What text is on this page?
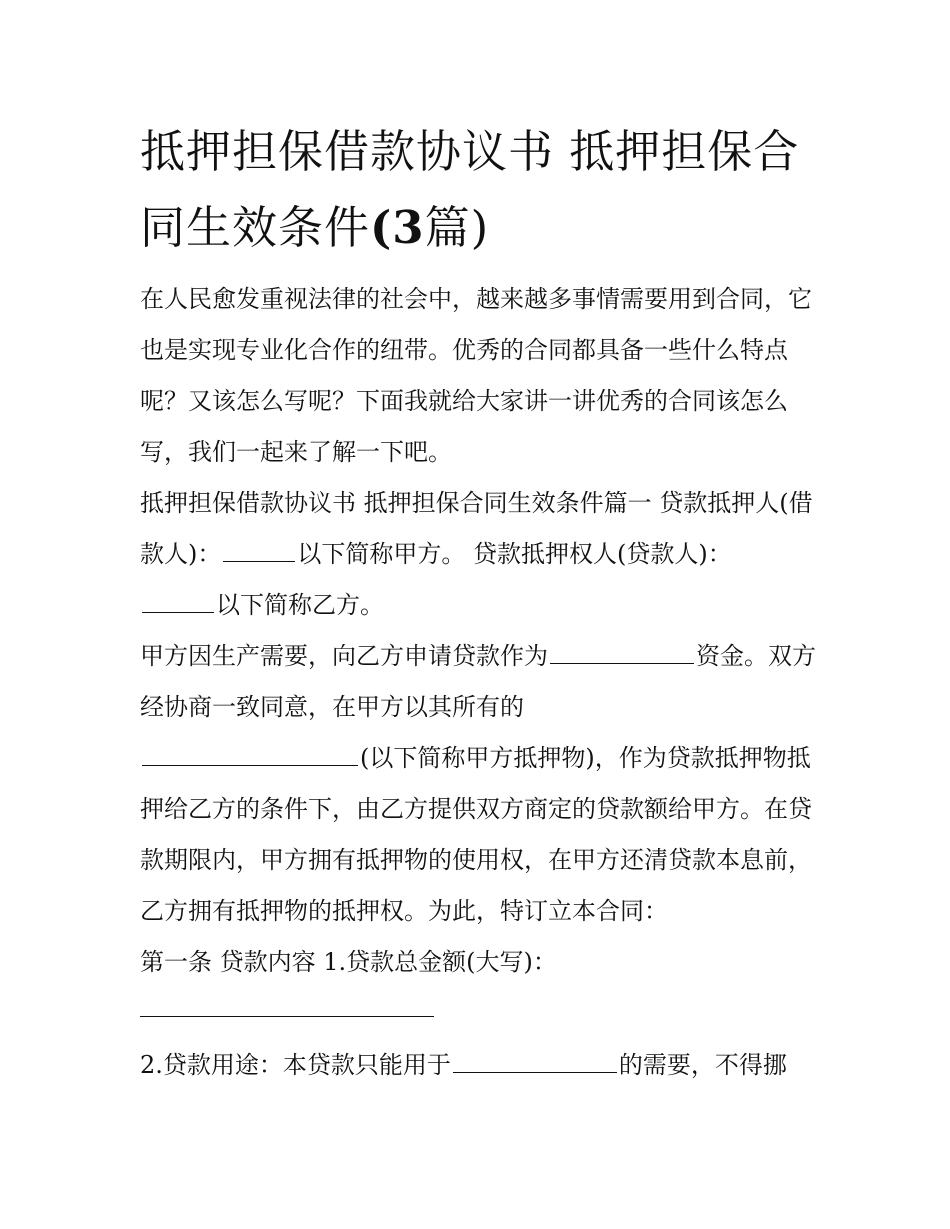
抵押担保借款协议书 抵押担保合同生效条件(3篇)

在人民愈发重视法律的社会中，越来越多事情需要用到合同，它也是实现专业化合作的纽带。优秀的合同都具备一些什么特点呢？又该怎么写呢？下面我就给大家讲一讲优秀的合同该怎么写，我们一起来了解一下吧。

抵押担保借款协议书 抵押担保合同生效条件篇一 贷款抵押人(借款人)：	以下简称甲方。 贷款抵押权人(贷款人)：
以下简称乙方。

甲方因生产需要，向乙方申请贷款作为	资金。双方经协商一致同意，在甲方以其所有的
(以下简称甲方抵押物)，作为贷款抵押物抵押给乙方的条件下，由乙方提供双方商定的贷款额给甲方。在贷款期限内，甲方拥有抵押物的使用权，在甲方还清贷款本息前，乙方拥有抵押物的抵押权。为此，特订立本合同：

第一条 贷款内容 1.贷款总金额(大写)：

2.贷款用途：本贷款只能用于	的需要，不得挪
